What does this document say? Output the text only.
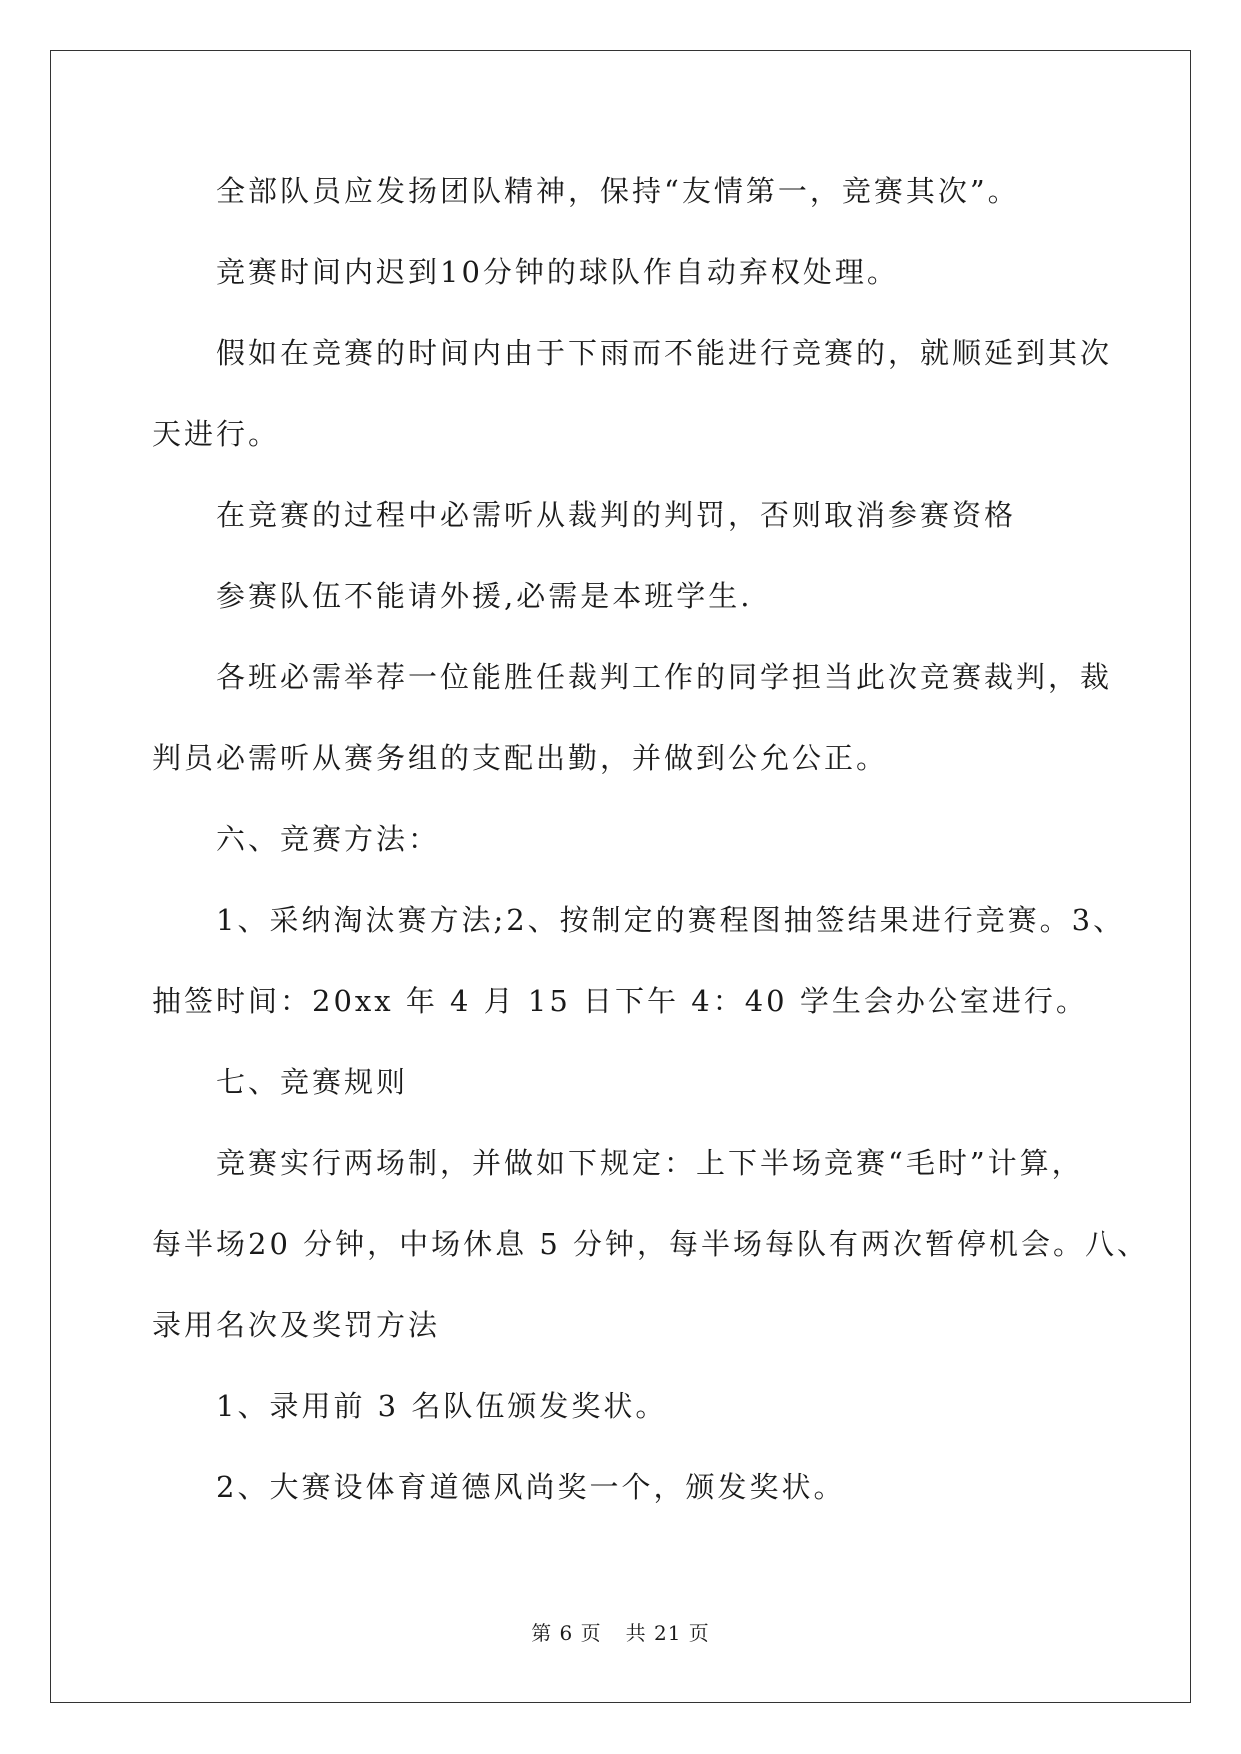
全部队员应发扬团队精神，保持“友情第一，竞赛其次”。
竞赛时间内迟到10分钟的球队作自动弃权处理。
假如在竞赛的时间内由于下雨而不能进行竞赛的，就顺延到其次
天进行。
在竞赛的过程中必需听从裁判的判罚，否则取消参赛资格
参赛队伍不能请外援,必需是本班学生.
各班必需举荐一位能胜任裁判工作的同学担当此次竞赛裁判，裁
判员必需听从赛务组的支配出勤，并做到公允公正。
六、竞赛方法：
1、采纳淘汰赛方法;2、按制定的赛程图抽签结果进行竞赛。3、
抽签时间：20xx 年 4 月 15 日下午 4：40 学生会办公室进行。
七、竞赛规则
竞赛实行两场制，并做如下规定：上下半场竞赛“毛时”计算，
每半场20 分钟，中场休息 5 分钟，每半场每队有两次暂停机会。八、
录用名次及奖罚方法
1、录用前 3 名队伍颁发奖状。
2、大赛设体育道德风尚奖一个，颁发奖状。
第 6 页 共 21 页
